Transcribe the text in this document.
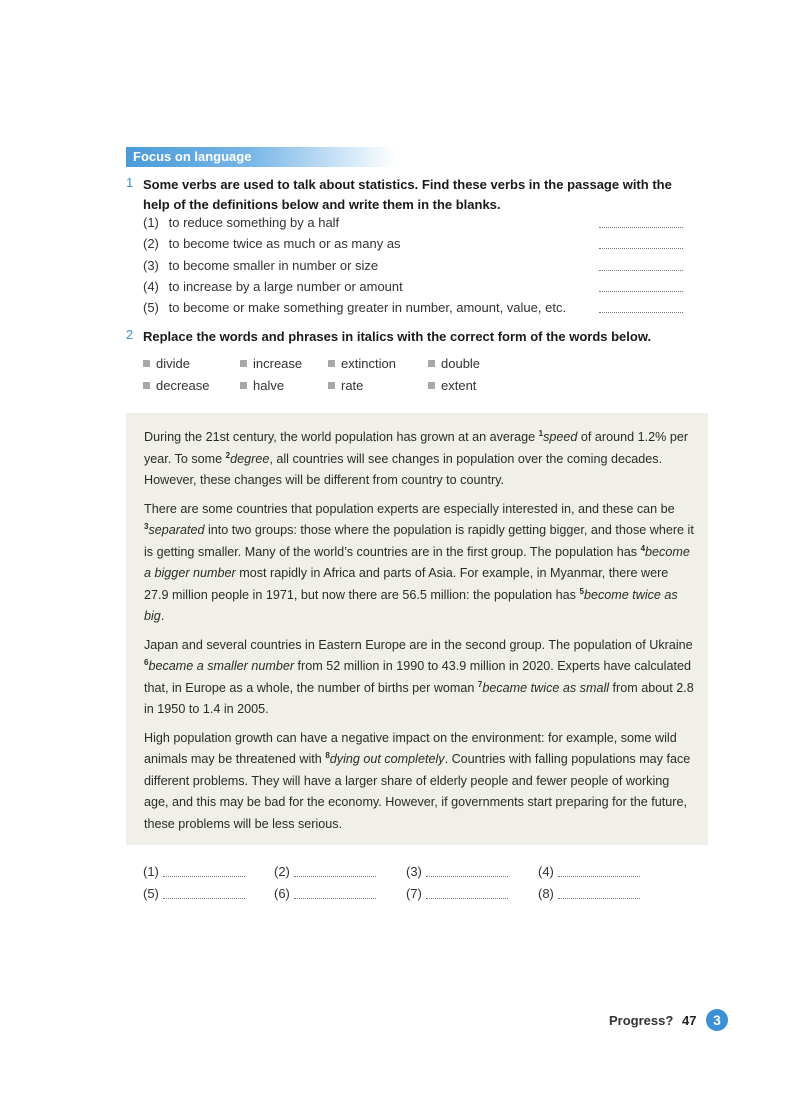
Focus on language
1 Some verbs are used to talk about statistics. Find these verbs in the passage with the help of the definitions below and write them in the blanks.
(1) to reduce something by a half
(2) to become twice as much or as many as
(3) to become smaller in number or size
(4) to increase by a large number or amount
(5) to become or make something greater in number, amount, value, etc.
2 Replace the words and phrases in italics with the correct form of the words below.
divide	increase	extinction	double
decrease	halve	rate	extent

During the 21st century, the world population has grown at an average $^1$speed of around 1.2% per year. To some $^2$degree, all countries will see changes in population over the coming decades. However, these changes will be different from country to country.

There are some countries that population experts are especially interested in, and these can be $^3$separated into two groups: those where the population is rapidly getting bigger, and those where it is getting smaller. Many of the world’s countries are in the first group. The population has $^4$become a bigger number most rapidly in Africa and parts of Asia. For example, in Myanmar, there were 27.9 million people in 1971, but now there are 56.5 million: the population has $^5$become twice as big.

Japan and several countries in Eastern Europe are in the second group. The population of Ukraine $^6$became a smaller number from 52 million in 1990 to 43.9 million in 2020. Experts have calculated that, in Europe as a whole, the number of births per woman $^7$became twice as small from about 2.8 in 1950 to 1.4 in 2005.

High population growth can have a negative impact on the environment: for example, some wild animals may be threatened with $^8$dying out completely. Countries with falling populations may face different problems. They will have a larger share of elderly people and fewer people of working age, and this may be bad for the economy. However, if governments start preparing for the future, these problems will be less serious.

(1)	(2)	(3)	(4)
(5)	(6)	(7)	(8)
Progress? 47	3
